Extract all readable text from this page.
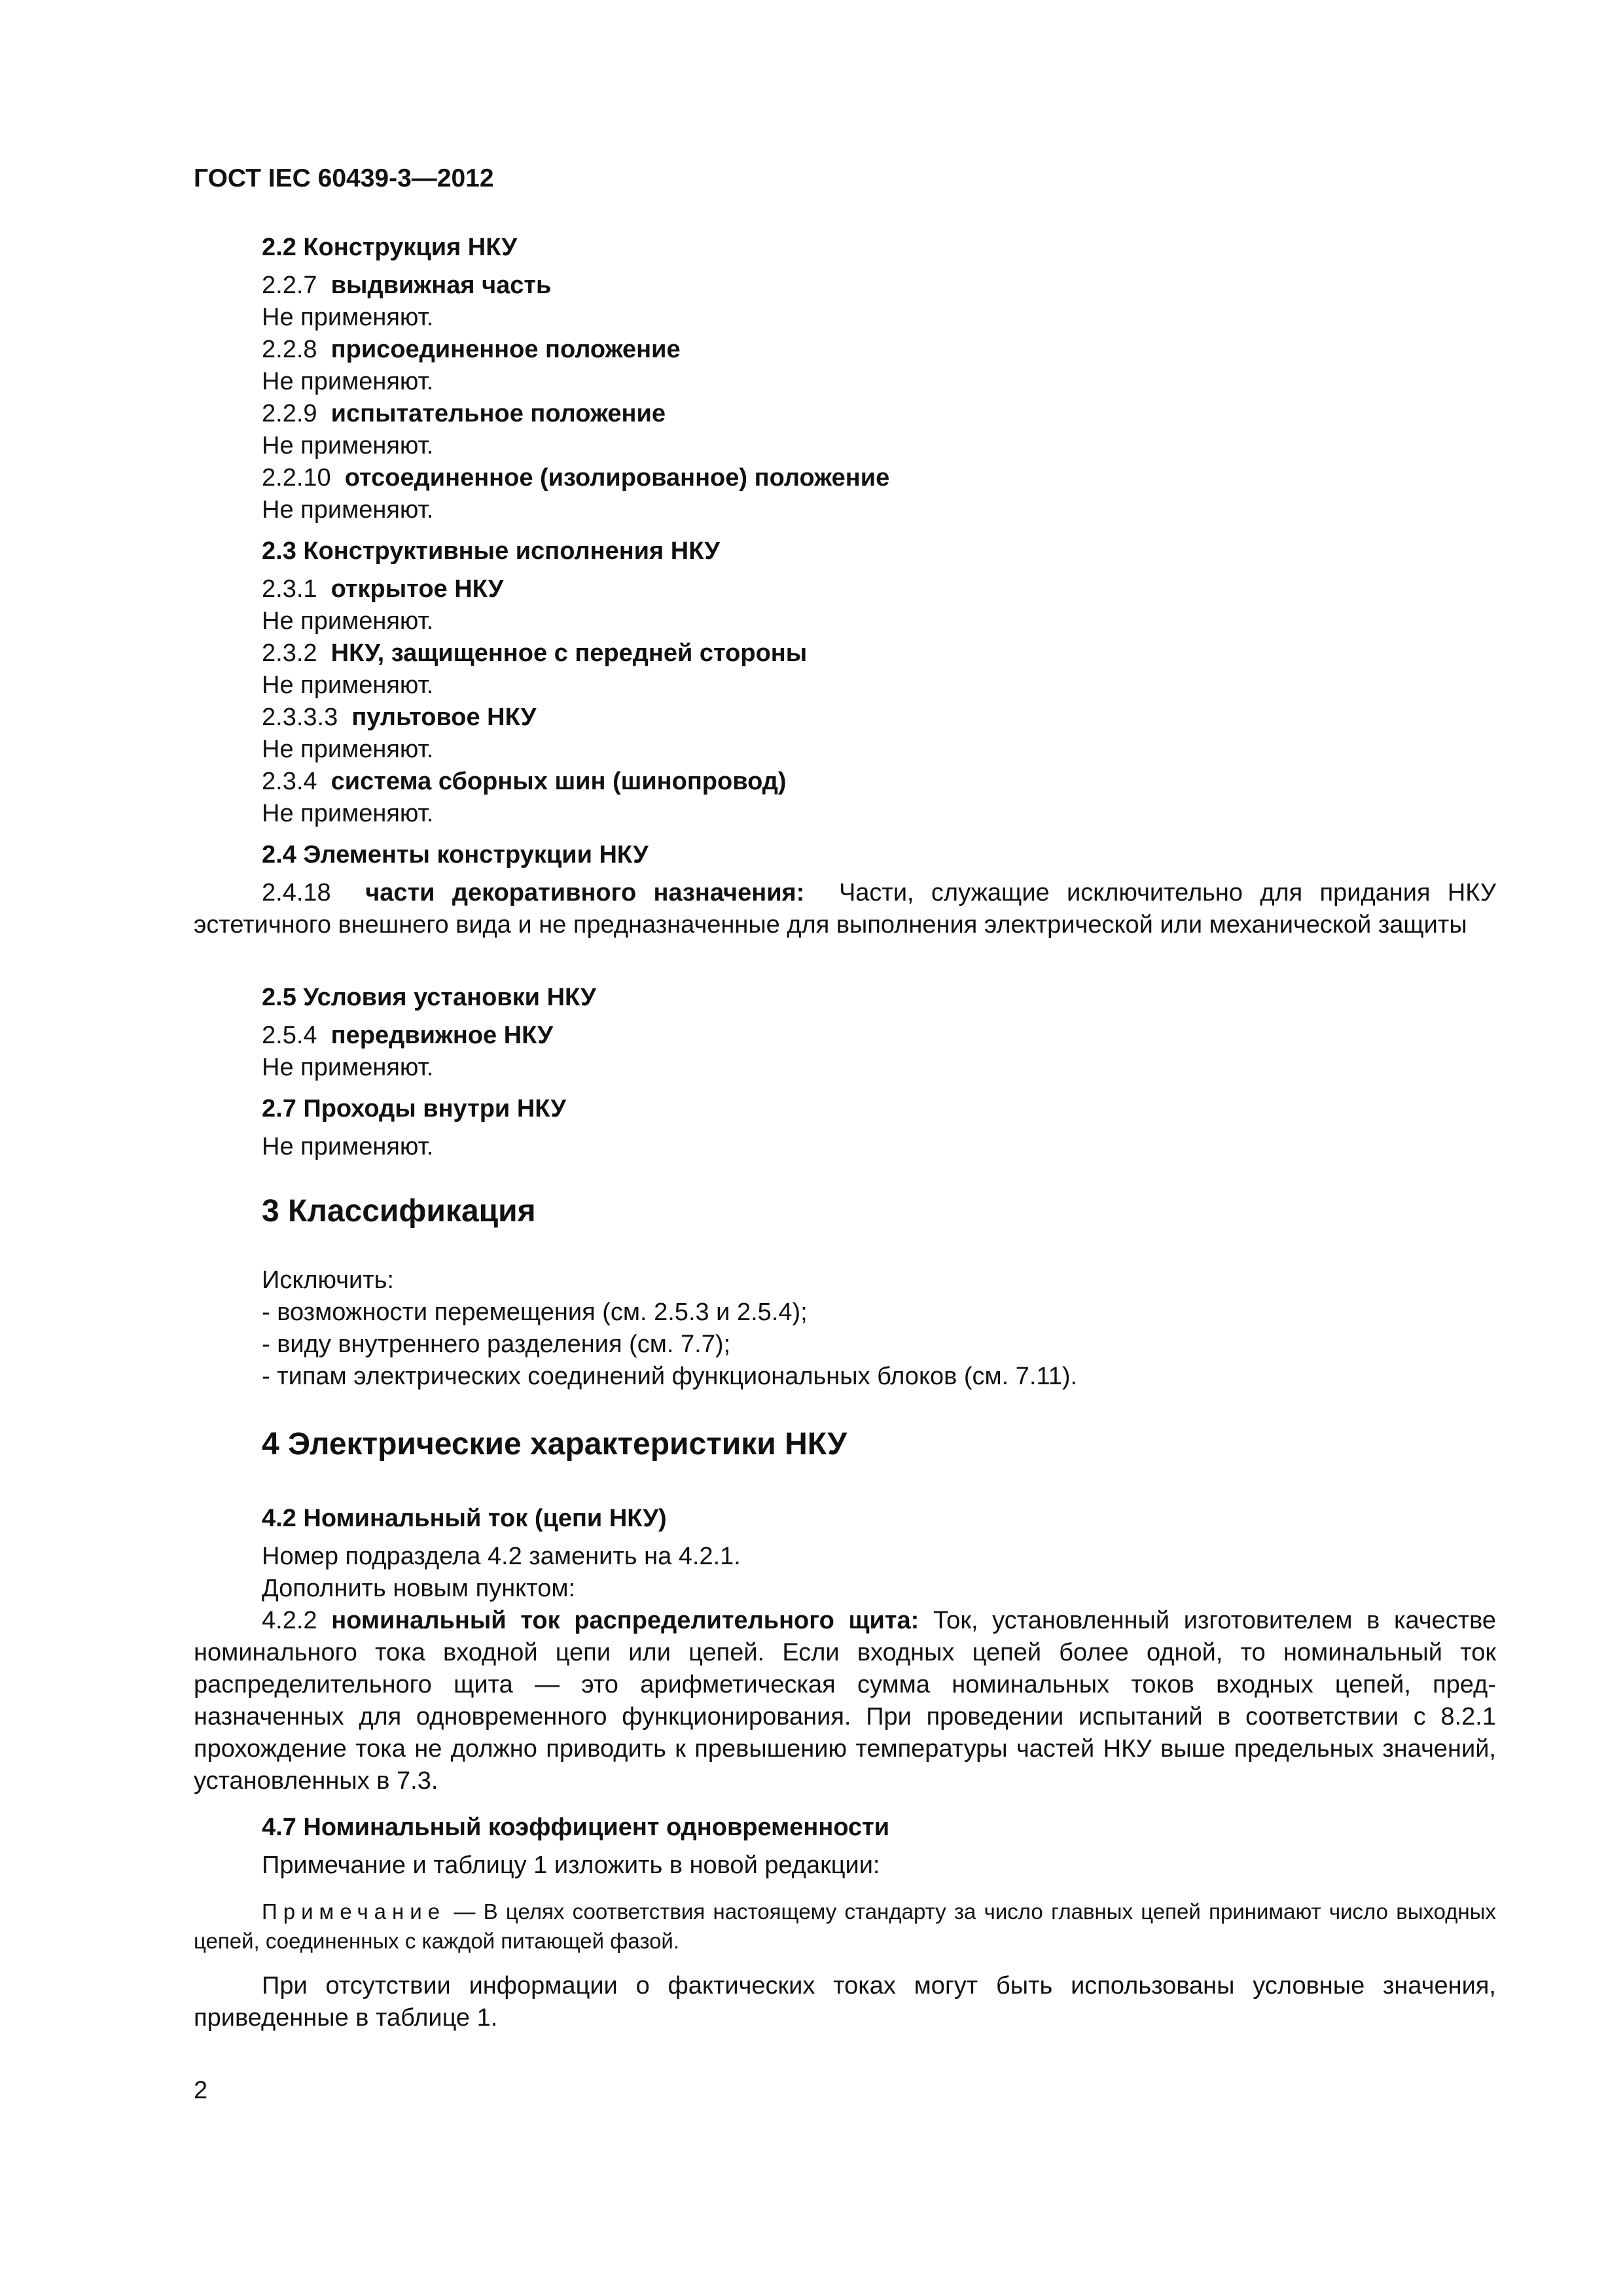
ГОСТ IEC 60439-3—2012
2.2 Конструкция НКУ
2.2.7 выдвижная часть
Не применяют.
2.2.8 присоединенное положение
Не применяют.
2.2.9 испытательное положение
Не применяют.
2.2.10 отсоединенное (изолированное) положение
Не применяют.
2.3 Конструктивные исполнения НКУ
2.3.1 открытое НКУ
Не применяют.
2.3.2 НКУ, защищенное с передней стороны
Не применяют.
2.3.3.3 пультовое НКУ
Не применяют.
2.3.4 система сборных шин (шинопровод)
Не применяют.
2.4 Элементы конструкции НКУ
2.4.18 части декоративного назначения: Части, служащие исключительно для придания НКУ эстетичного внешнего вида и не предназначенные для выполнения электрической или механической защиты
2.5 Условия установки НКУ
2.5.4 передвижное НКУ
Не применяют.
2.7 Проходы внутри НКУ
Не применяют.
3 Классификация
Исключить:
- возможности перемещения (см. 2.5.3 и 2.5.4);
- виду внутреннего разделения (см. 7.7);
- типам электрических соединений функциональных блоков (см. 7.11).
4 Электрические характеристики НКУ
4.2 Номинальный ток (цепи НКУ)
Номер подраздела 4.2 заменить на 4.2.1.
Дополнить новым пунктом:
4.2.2 номинальный ток распределительного щита: Ток, установленный изготовителем в качестве номинального тока входной цепи или цепей. Если входных цепей более одной, то номинальный ток распределительного щита — это арифметическая сумма номинальных токов входных цепей, пред-назначенных для одновременного функционирования. При проведении испытаний в соответствии с 8.2.1 прохождение тока не должно приводить к превышению температуры частей НКУ выше предельных значений, установленных в 7.3.
4.7 Номинальный коэффициент одновременности
Примечание и таблицу 1 изложить в новой редакции:
Примечание — В целях соответствия настоящему стандарту за число главных цепей принимают число выходных цепей, соединенных с каждой питающей фазой.
При отсутствии информации о фактических токах могут быть использованы условные значения, приведенные в таблице 1.
2
